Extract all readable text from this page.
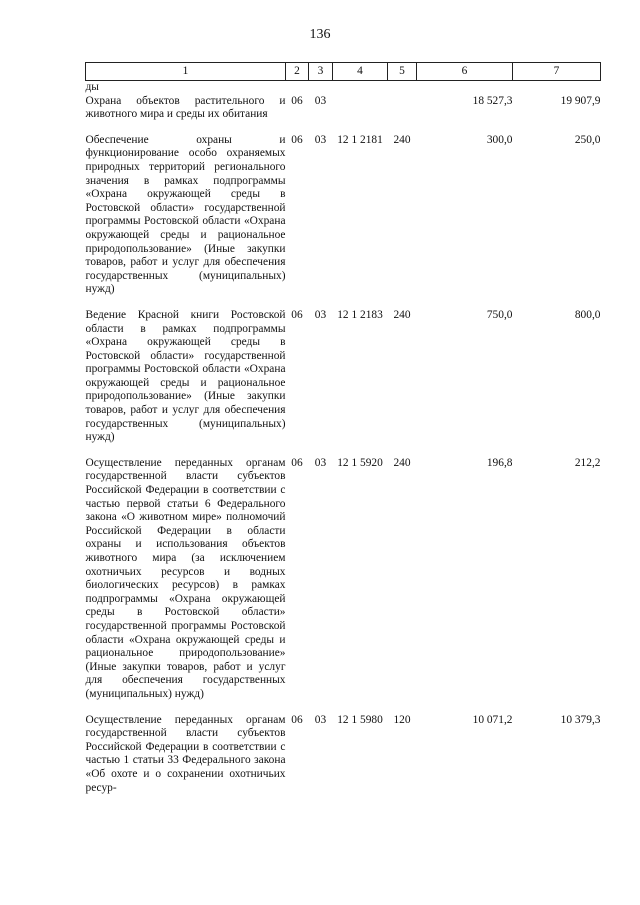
136
1	2	3	4	5	6	7
ды						
Охрана объектов растительного и животного мира и среды их обитания	06	03			18 527,3	19 907,9

Обеспечение охраны и функционирование особо охраняемых природных территорий регионального значения в рамках подпрограммы «Охрана окружающей среды в Ростовской области» государственной программы Ростовской области «Охрана окружающей среды и рациональное природопользование» (Иные закупки товаров, работ и услуг для обеспечения государственных (муниципальных) нужд)	06	03	12 1 2181	240	300,0	250,0

Ведение Красной книги Ростовской области в рамках подпрограммы «Охрана окружающей среды в Ростовской области» государственной программы Ростовской области «Охрана окружающей среды и рациональное природопользование» (Иные закупки товаров, работ и услуг для обеспечения государственных (муниципальных) нужд)	06	03	12 1 2183	240	750,0	800,0

Осуществление переданных органам государственной власти субъектов Российской Федерации в соответствии с частью первой статьи 6 Федерального закона «О животном мире» полномочий Российской Федерации в области охраны и использования объектов животного мира (за исключением охотничьих ресурсов и водных биологических ресурсов) в рамках подпрограммы «Охрана окружающей среды в Ростовской области» государственной программы Ростовской области «Охрана окружающей среды и рациональное природопользование» (Иные закупки товаров, работ и услуг для обеспечения государственных (муниципальных) нужд)	06	03	12 1 5920	240	196,8	212,2

Осуществление переданных органам государственной власти субъектов Российской Федерации в соответствии с частью 1 статьи 33 Федерального закона «Об охоте и о сохранении охотничьих ресур-	06	03	12 1 5980	120	10 071,2	10 379,3
